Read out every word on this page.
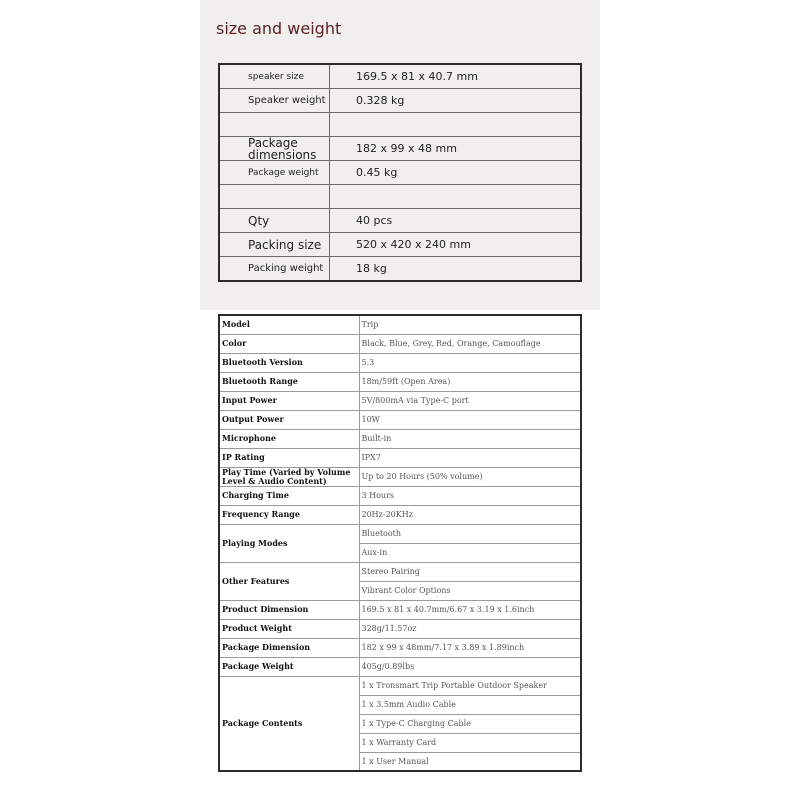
size and weight
speaker size	169.5 x 81 x 40.7 mm
Speaker weight	0.328 kg
Package dimensions	182 x 99 x 48 mm
Package weight	0.45 kg
Qty	40 pcs
Packing size	520 x 420 x 240 mm
Packing weight	18 kg
Model	Trip
Color	Black, Blue, Grey, Red, Orange, Camouflage
Bluetooth Version	5.3
Bluetooth Range	18m/59ft (Open Area)
Input Power	5V/800mA via Type-C port
Output Power	10W
Microphone	Built-in
IP Rating	IPX7
Play Time (Varied by Volume Level & Audio Content)	Up to 20 Hours (50% volume)
Charging Time	3 Hours
Frequency Range	20Hz-20KHz
Playing Modes	Bluetooth
	Aux-in
Other Features	Stereo Pairing
	Vibrant Color Options
Product Dimension	169.5 x 81 x 40.7mm/6.67 x 3.19 x 1.6inch
Product Weight	328g/11.57oz
Package Dimension	182 x 99 x 48mm/7.17 x 3.89 x 1.89inch
Package Weight	405g/0.89lbs
Package Contents	1 x Tronsmart Trip Portable Outdoor Speaker
	1 x 3.5mm Audio Cable
	1 x Type-C Charging Cable
	1 x Warranty Card
	1 x User Manual
